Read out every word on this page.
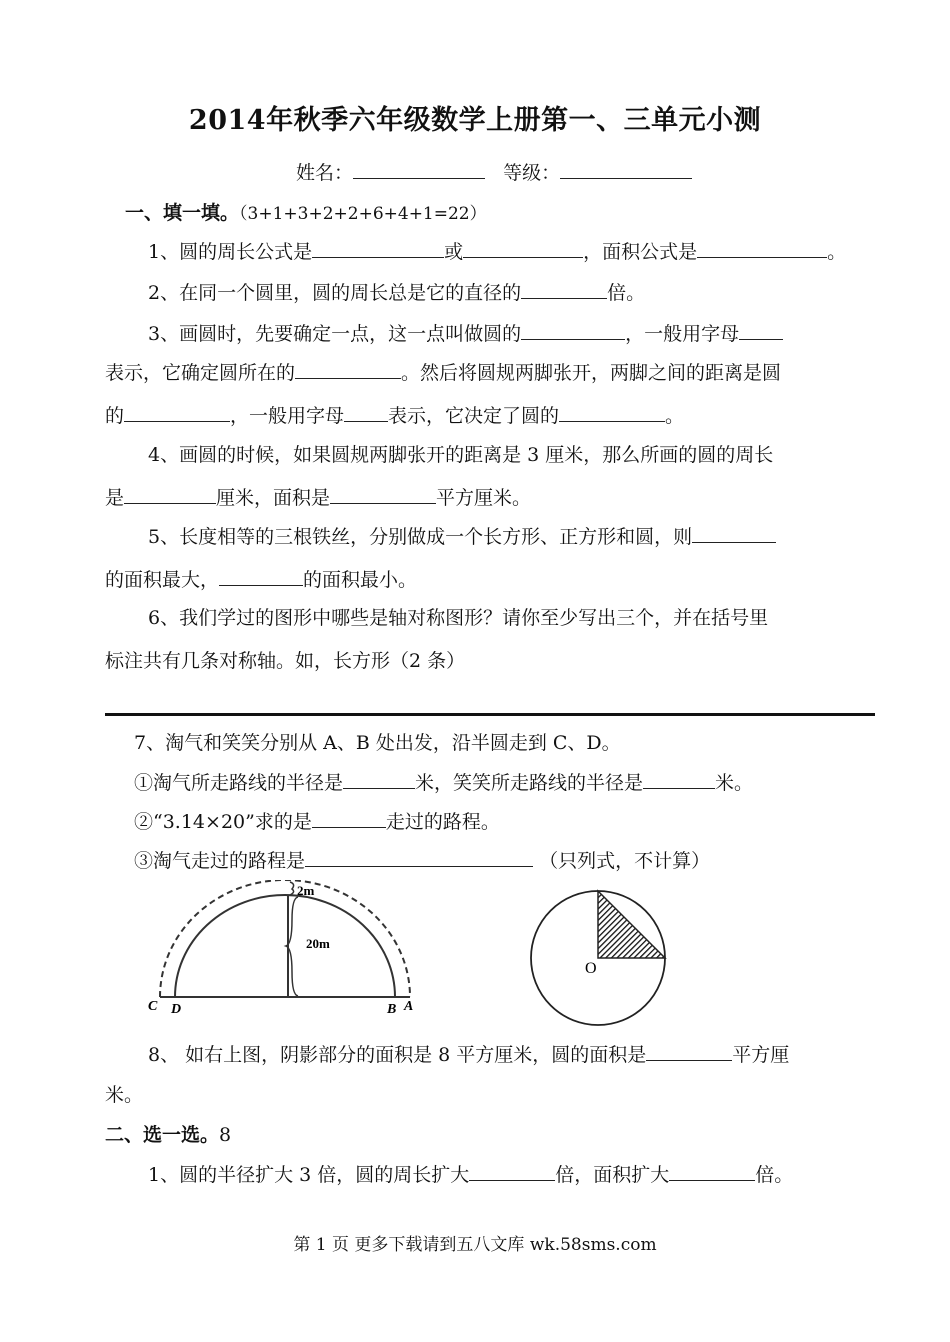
2014年秋季六年级数学上册第一、三单元小测
姓名：	等级：
一、填一填。（3+1+3+2+2+6+4+1=22）
1、圆的周长公式是	或	，面积公式是	。
2、在同一个圆里，圆的周长总是它的直径的	倍。
3、画圆时，先要确定一点，这一点叫做圆的	，一般用字母
表示，它确定圆所在的	。然后将圆规两脚张开，两脚之间的距离是圆
的	，一般用字母 表示，它决定了圆的	。
4、画圆的时候，如果圆规两脚张开的距离是 3 厘米，那么所画的圆的周长
是	厘米，面积是	平方厘米。
5、长度相等的三根铁丝，分别做成一个长方形、正方形和圆，则
的面积最大，	的面积最小。
6、我们学过的图形中哪些是轴对称图形？请你至少写出三个，并在括号里
标注共有几条对称轴。如，长方形（2 条）
7、淘气和笑笑分别从 A、B 处出发，沿半圆走到 C、D。
①淘气所走路线的半径是	米，笑笑所走路线的半径是	米。
②“3.14×20”求的是	走过的路程。
③淘气走过的路程是	（只列式，不计算）
2m
20m
C D	B A
O
8、 如右上图，阴影部分的面积是 8 平方厘米，圆的面积是	平方厘
米。
二、选一选。8
1、圆的半径扩大 3 倍，圆的周长扩大	倍，面积扩大	倍。
第 1 页 更多下载请到五八文库 wk.58sms.com
